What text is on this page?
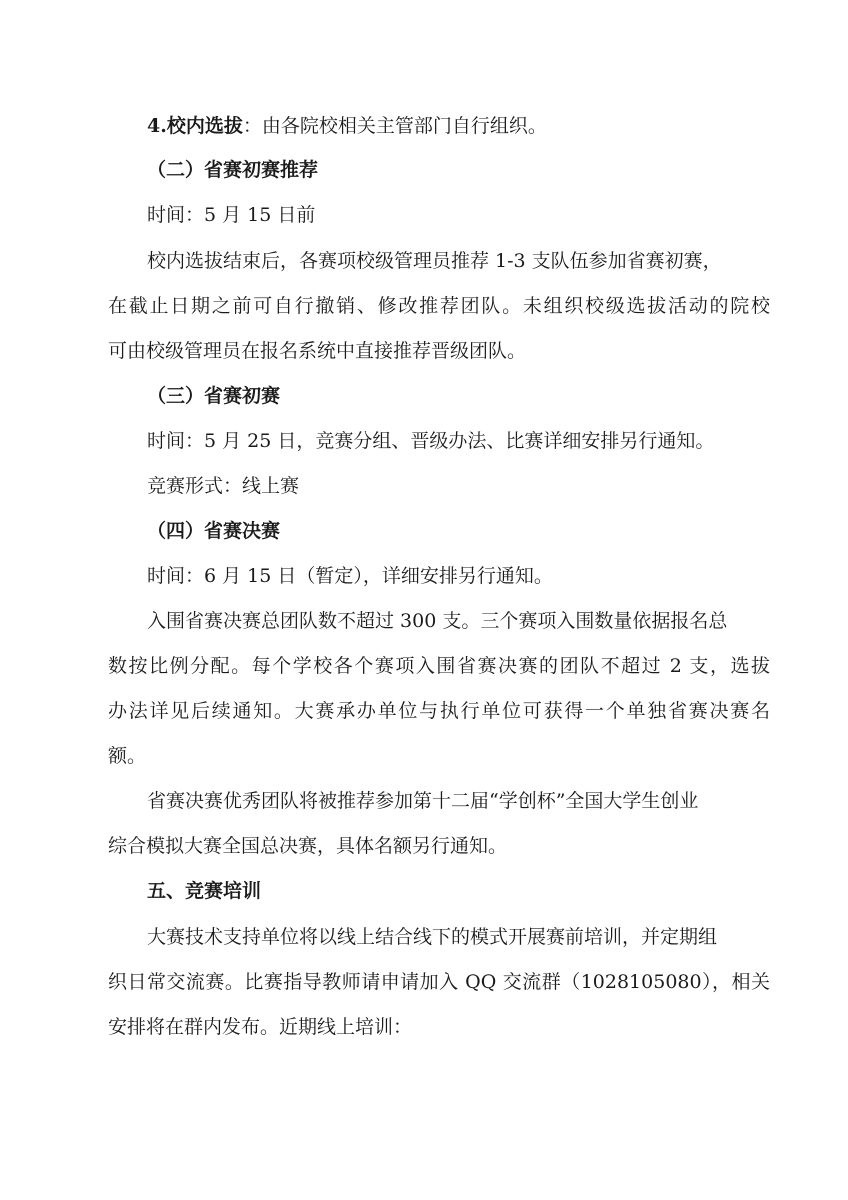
4.校内选拔：由各院校相关主管部门自行组织。
（二）省赛初赛推荐
时间：5 月 15 日前
校内选拔结束后，各赛项校级管理员推荐 1-3 支队伍参加省赛初赛，
在截止日期之前可自行撤销、修改推荐团队。未组织校级选拔活动的院校
可由校级管理员在报名系统中直接推荐晋级团队。
（三）省赛初赛
时间：5 月 25 日，竞赛分组、晋级办法、比赛详细安排另行通知。
竞赛形式：线上赛
（四）省赛决赛
时间：6 月 15 日（暂定），详细安排另行通知。
入围省赛决赛总团队数不超过 300 支。三个赛项入围数量依据报名总
数按比例分配。每个学校各个赛项入围省赛决赛的团队不超过 2 支，选拔
办法详见后续通知。大赛承办单位与执行单位可获得一个单独省赛决赛名
额。
省赛决赛优秀团队将被推荐参加第十二届“学创杯”全国大学生创业
综合模拟大赛全国总决赛，具体名额另行通知。
五、竞赛培训
大赛技术支持单位将以线上结合线下的模式开展赛前培训，并定期组
织日常交流赛。比赛指导教师请申请加入 QQ 交流群（1028105080），相关
安排将在群内发布。近期线上培训：
